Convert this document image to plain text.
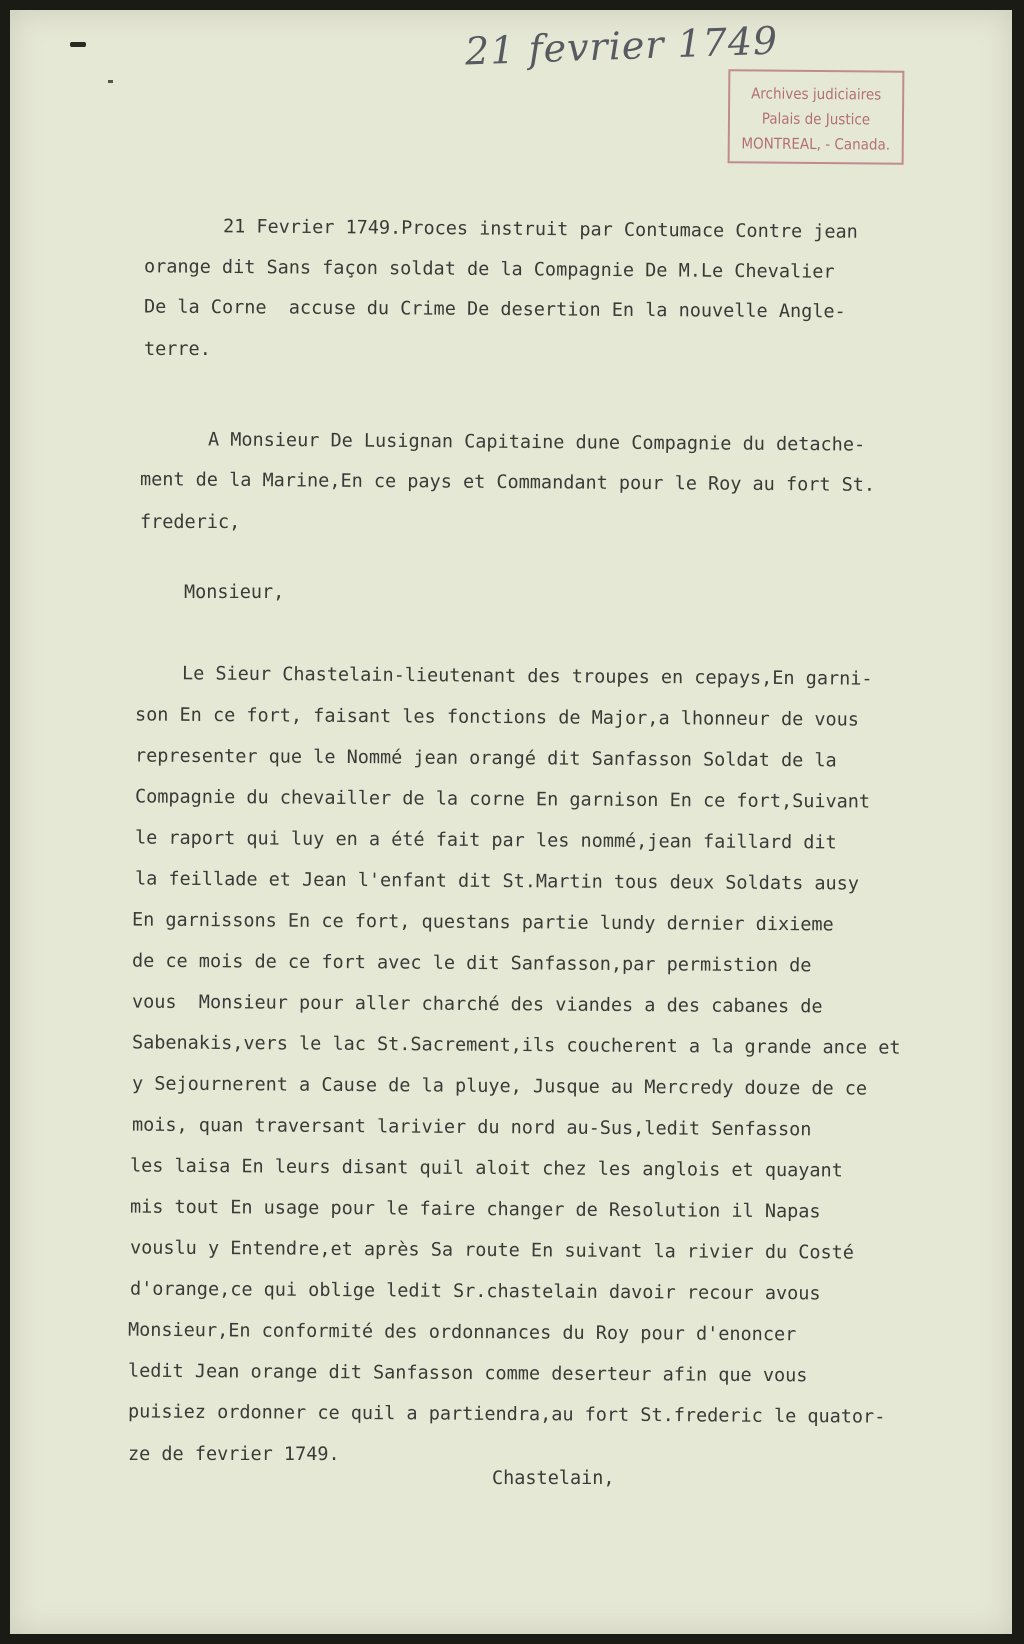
21 fevrier 1749
Archives judiciaires
Palais de Justice
MONTREAL, - Canada.
21 Fevrier 1749.Proces instruit par Contumace Contre jean
orange dit Sans façon soldat de la Compagnie De M.Le Chevalier
De la Corne  accuse du Crime De desertion En la nouvelle Angle-
terre.
A Monsieur De Lusignan Capitaine dune Compagnie du detache-
ment de la Marine,En ce pays et Commandant pour le Roy au fort St.
frederic,
Monsieur,
Le Sieur Chastelain-lieutenant des troupes en cepays,En garni-
son En ce fort, faisant les fonctions de Major,a lhonneur de vous
representer que le Nommé jean orangé dit Sanfasson Soldat de la
Compagnie du chevailler de la corne En garnison En ce fort,Suivant
le raport qui luy en a été fait par les nommé,jean faillard dit
la feillade et Jean l'enfant dit St.Martin tous deux Soldats ausy
En garnissons En ce fort, questans partie lundy dernier dixieme
de ce mois de ce fort avec le dit Sanfasson,par permistion de
vous  Monsieur pour aller charché des viandes a des cabanes de
Sabenakis,vers le lac St.Sacrement,ils coucherent a la grande ance et
y Sejournerent a Cause de la pluye, Jusque au Mercredy douze de ce
mois, quan traversant larivier du nord au-Sus,ledit Senfasson
les laisa En leurs disant quil aloit chez les anglois et quayant
mis tout En usage pour le faire changer de Resolution il Napas
vouslu y Entendre,et après Sa route En suivant la rivier du Costé
d'orange,ce qui oblige ledit Sr.chastelain davoir recour avous
Monsieur,En conformité des ordonnances du Roy pour d'enoncer
ledit Jean orange dit Sanfasson comme deserteur afin que vous
puisiez ordonner ce quil a partiendra,au fort St.frederic le quator-
ze de fevrier 1749.
Chastelain,
